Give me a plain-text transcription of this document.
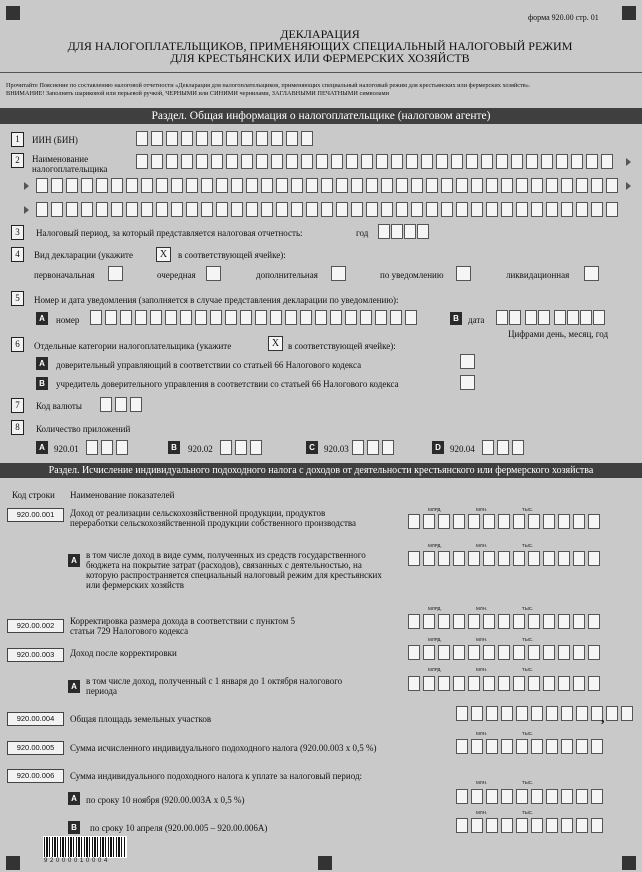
форма 920.00 стр. 01
ДЕКЛАРАЦИЯ
ДЛЯ НАЛОГОПЛАТЕЛЬЩИКОВ, ПРИМЕНЯЮЩИХ СПЕЦИАЛЬНЫЙ НАЛОГОВЫЙ РЕЖИМ
ДЛЯ КРЕСТЬЯНСКИХ ИЛИ ФЕРМЕРСКИХ ХОЗЯЙСТВ
Прочитайте Пояснение по составлению налоговой отчетности «Декларация для налогоплательщиков, применяющих специальный налоговый режим для крестьянских или фермерских хозяйств».
ВНИМАНИЕ! Заполнять шариковой или перьевой ручкой, ЧЕРНЫМИ или СИНИМИ чернилами, ЗАГЛАВНЫМИ ПЕЧАТНЫМИ символами
Раздел. Общая информация о налогоплательщике (налоговом агенте)
1	ИИН (БИН)
2	Наименование налогоплательщика
3	Налоговый период, за который представляется налоговая отчетность:	год
4	Вид декларации (укажите	X	в соответствующей ячейке):
первоначальная	очередная	дополнительная	по уведомлению	ликвидационная
5	Номер и дата уведомления (заполняется в случае представления декларации по уведомлению):
A	номер	B	дата
Цифрами день, месяц, год
6	Отдельные категории налогоплательщика (укажите	X в соответствующей ячейке):
A	доверительный управляющий в соответствии со статьей 66 Налогового кодекса
B	учредитель доверительного управления в соответствии со статьей 66 Налогового кодекса
7	Код валюты
8	Количество приложений
A	920.01	B	920.02	C	920.03	D	920.04
Раздел. Исчисление индивидуального подоходного налога с доходов от деятельности крестьянского или фермерского хозяйства
Код строки Наименование показателей
920.00.001	Доход от реализации сельскохозяйственной продукции, продуктов переработки сельскохозяйственной продукции собственного производства
МЛРД.	МЛН.	ТЫС.
A
в том числе доход в виде сумм, полученных из средств государственного бюджета на покрытие затрат (расходов), связанных с деятельностью, на которую распространяется специальный налоговый режим для крестьянских или фермерских хозяйств
МЛРД.	МЛН.	ТЫС.
920.00.002	Корректировка размера дохода в соответствии с пунктом 5 статьи 729 Налогового кодекса
МЛРД.	МЛН.	ТЫС.
920.00.003	Доход после корректировки
МЛРД.	МЛН.	ТЫС.
A
в том числе доход, полученный с 1 января до 1 октября налогового периода
МЛРД.	МЛН.	ТЫС.
920.00.004	Общая площадь земельных участков	,
920.00.005	Сумма исчисленного индивидуального подоходного налога (920.00.003 х 0,5 %)
МЛН.	ТЫС.
920.00.006	Сумма индивидуального подоходного налога к уплате за налоговый период:
A	по сроку 10 ноября (920.00.003А х 0,5 %)
МЛН.	ТЫС.
B	по сроку 10 апреля (920.00.005 – 920.00.006А)
МЛН.	ТЫС.
9 2 0 0 0 0 1 0 0 0 4
